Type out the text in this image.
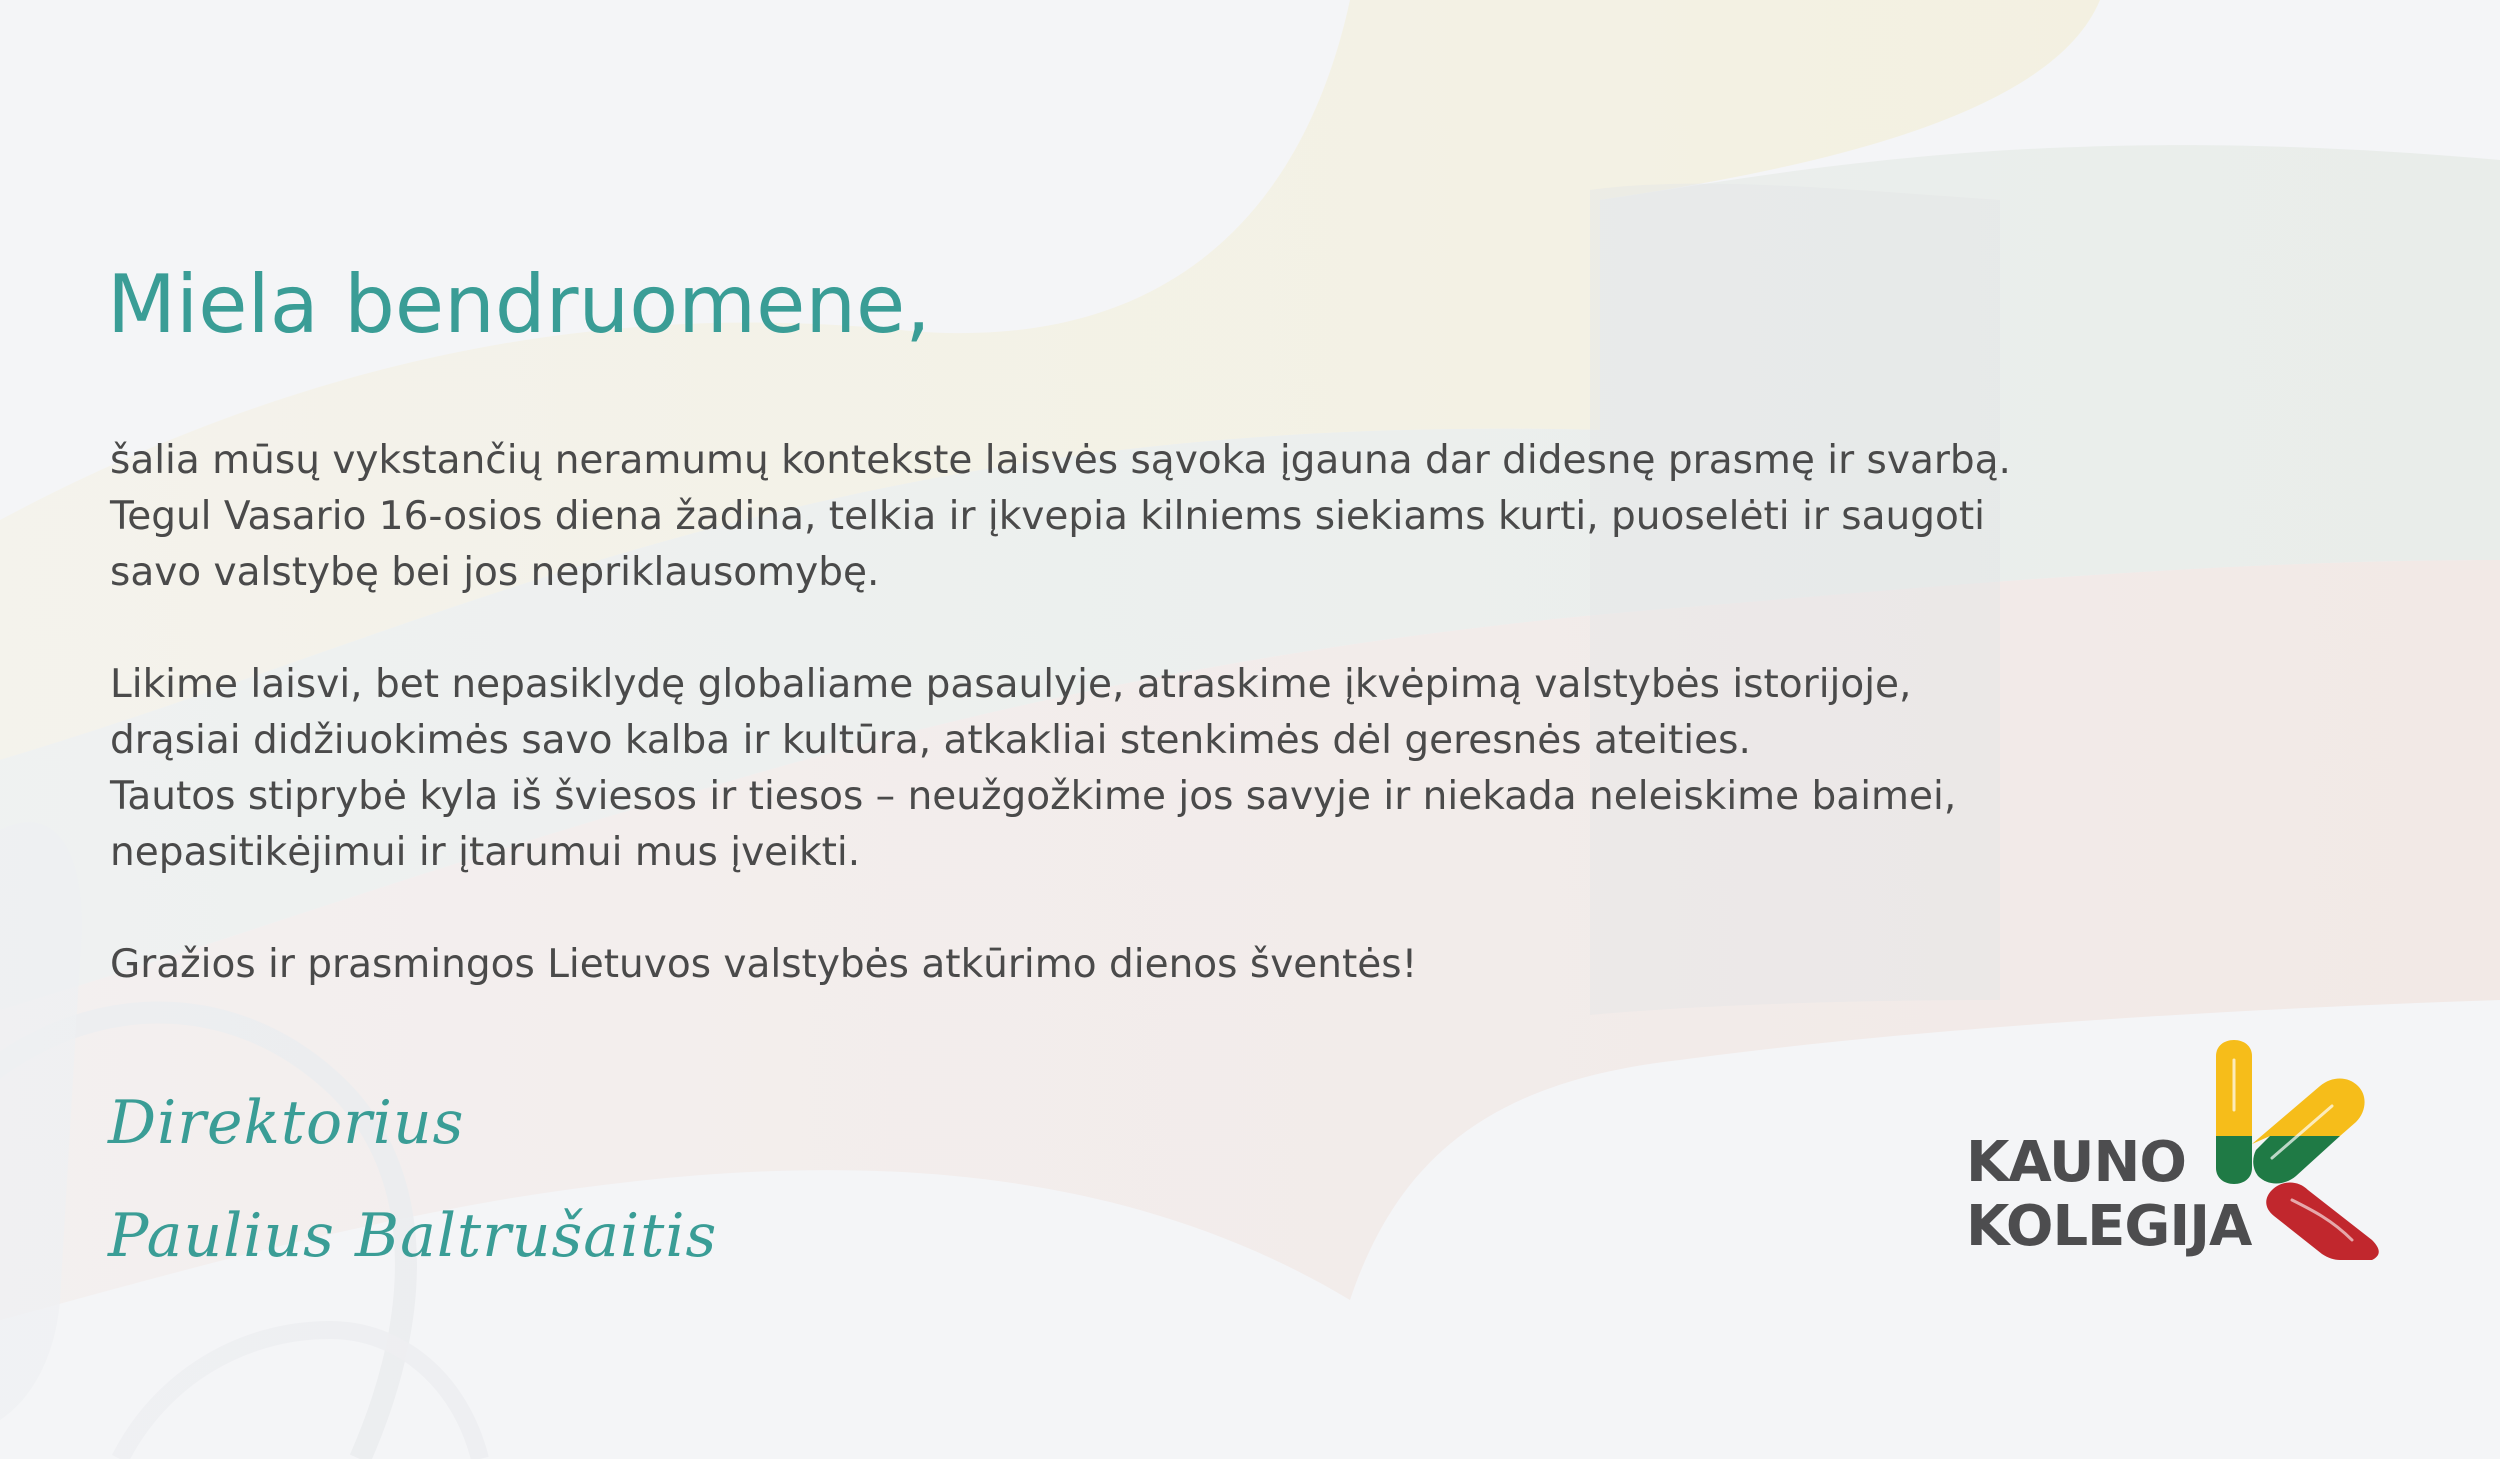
Miela bendruomene,

šalia mūsų vykstančių neramumų kontekste laisvės sąvoka įgauna dar didesnę prasmę ir svarbą.
Tegul Vasario 16-osios diena žadina, telkia ir įkvepia kilniems siekiams kurti, puoselėti ir saugoti
savo valstybę bei jos nepriklausomybę.

Likime laisvi, bet nepasiklydę globaliame pasaulyje, atraskime įkvėpimą valstybės istorijoje,
drąsiai didžiuokimės savo kalba ir kultūra, atkakliai stenkimės dėl geresnės ateities.
Tautos stiprybė kyla iš šviesos ir tiesos – neužgožkime jos savyje ir niekada neleiskime baimei,
nepasitikėjimui ir įtarumui mus įveikti.

Gražios ir prasmingos Lietuvos valstybės atkūrimo dienos šventės!

Direktorius
Paulius Baltrušaitis
KAUNO
KOLEGIJA
